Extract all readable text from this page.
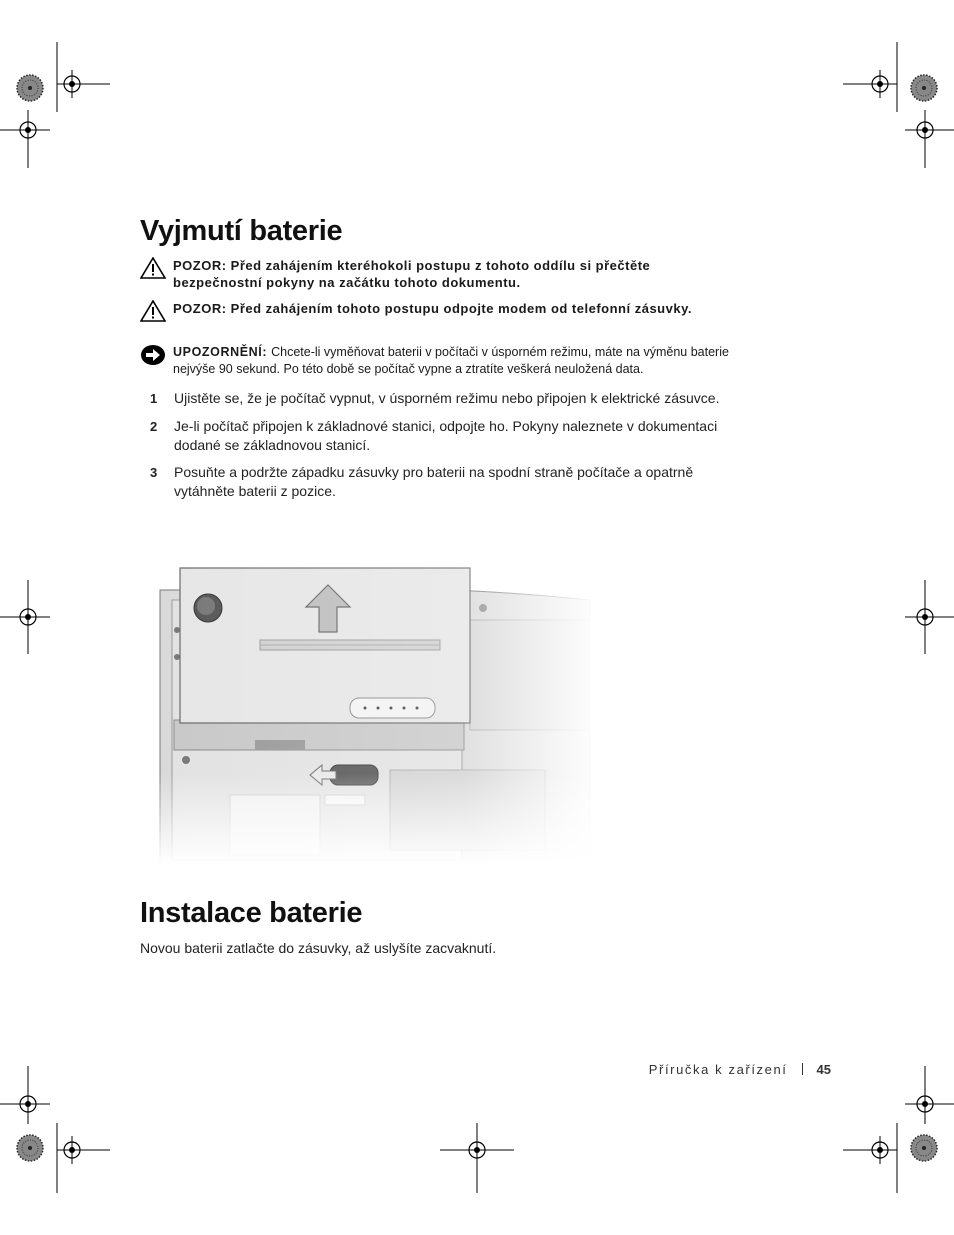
Vyjmutí baterie
POZOR: Před zahájením kteréhokoli postupu z tohoto oddílu si přečtěte bezpečnostní pokyny na začátku tohoto dokumentu.
POZOR: Před zahájením tohoto postupu odpojte modem od telefonní zásuvky.
UPOZORNĚNÍ: Chcete-li vyměňovat baterii v počítači v úsporném režimu, máte na výměnu baterie nejvýše 90 sekund. Po této době se počítač vypne a ztratíte veškerá neuložená data.
1 Ujistěte se, že je počítač vypnut, v úsporném režimu nebo připojen k elektrické zásuvce.
2 Je-li počítač připojen k základnové stanici, odpojte ho. Pokyny naleznete v dokumentaci dodané se základnovou stanicí.
3 Posuňte a podržte západku zásuvky pro baterii na spodní straně počítače a opatrně vytáhněte baterii z pozice.
Instalace baterie
Novou baterii zatlačte do zásuvky, až uslyšíte zacvaknutí.
Příručka k zařízení 45
